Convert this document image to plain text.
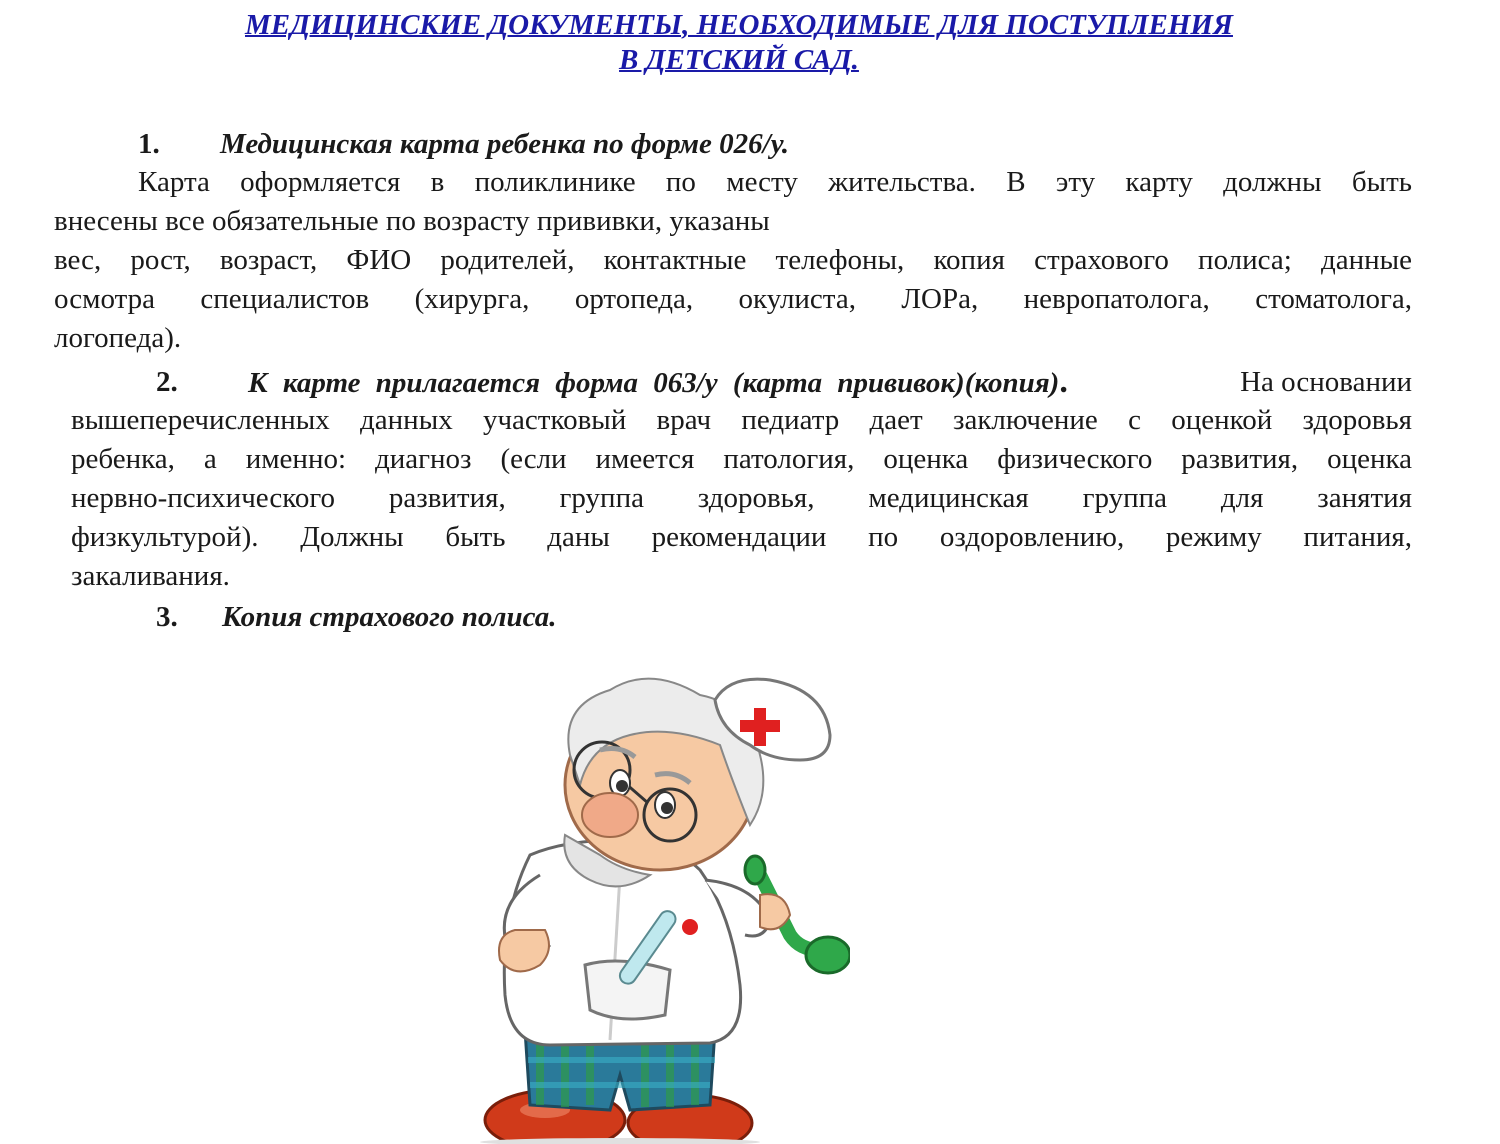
МЕДИЦИНСКИЕ ДОКУМЕНТЫ, НЕОБХОДИМЫЕ ДЛЯ ПОСТУПЛЕНИЯ
В ДЕТСКИЙ САД.
1. Медицинская карта ребенка по форме 026/у.
Карта оформляется в поликлинике по месту жительства. В эту карту должны быть
внесены все обязательные по возрасту прививки, указаны
вес, рост, возраст, ФИО родителей, контактные телефоны, копия страхового полиса; данные
осмотра специалистов (хирурга, ортопеда, окулиста, ЛОРа, невропатолога, стоматолога,
логопеда).
2. К карте прилагается форма 063/у (карта прививок)(копия).	На основании
вышеперечисленных данных участковый врач педиатр дает заключение с оценкой здоровья
ребенка, а именно: диагноз (если имеется патология, оценка физического развития, оценка
нервно-психического развития, группа здоровья, медицинская группа для занятия
физкультурой). Должны быть даны рекомендации по оздоровлению, режиму питания,
закаливания.
3. Копия страхового полиса.
